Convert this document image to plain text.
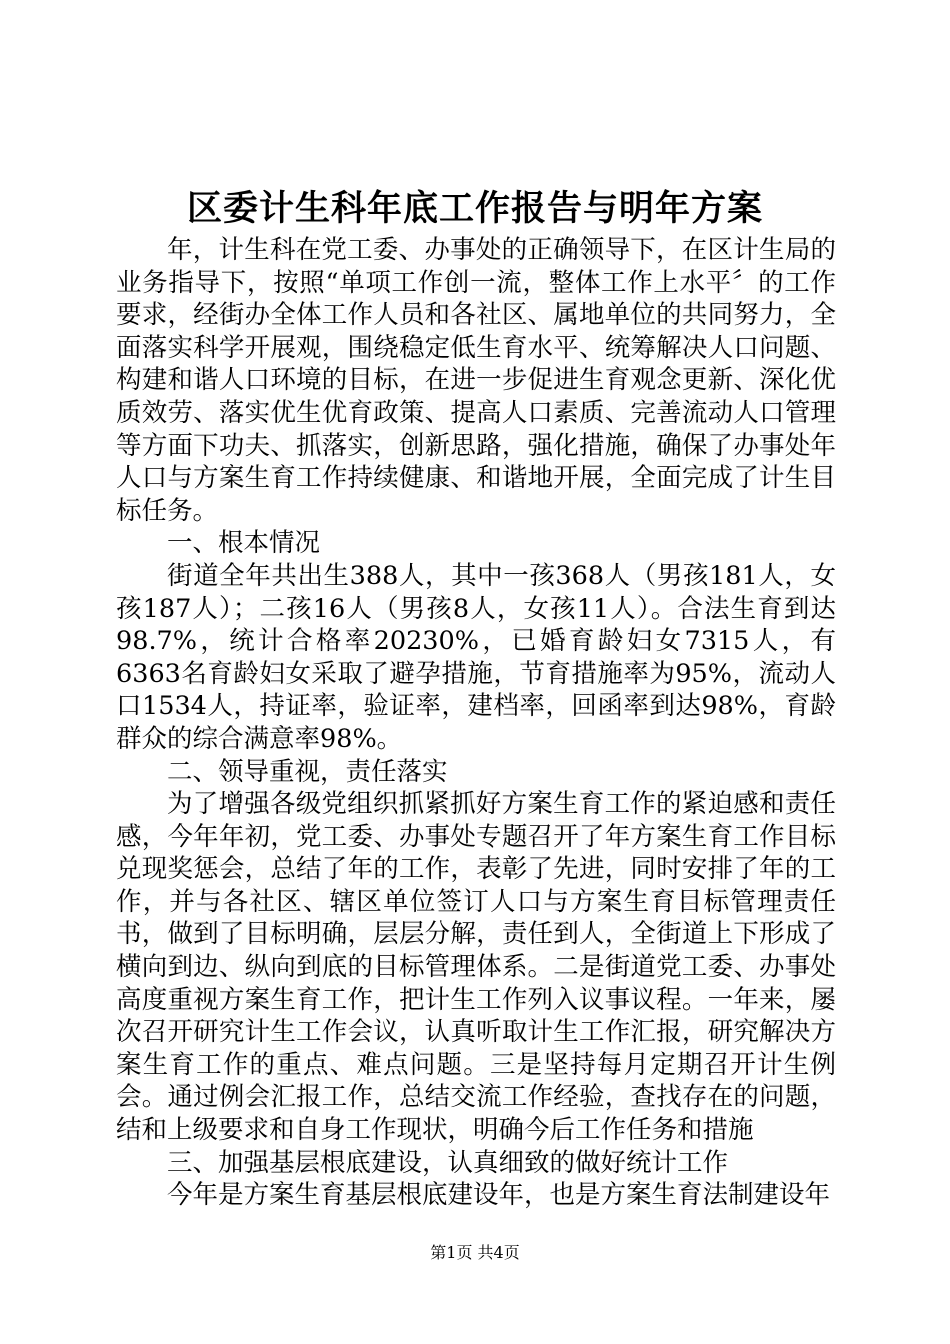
区委计生科年底工作报告与明年方案

年，计生科在党工委、办事处的正确领导下，在区计生局的业务指导下，按照“单项工作创一流，整体工作上水平〞的工作要求，经街办全体工作人员和各社区、属地单位的共同努力，全面落实科学开展观，围绕稳定低生育水平、统筹解决人口问题、构建和谐人口环境的目标，在进一步促进生育观念更新、深化优质效劳、落实优生优育政策、提高人口素质、完善流动人口管理等方面下功夫、抓落实，创新思路，强化措施，确保了办事处年人口与方案生育工作持续健康、和谐地开展，全面完成了计生目标任务。

一、根本情况

街道全年共出生388人，其中一孩368人（男孩181人，女孩187人）；二孩16人（男孩8人，女孩11人）。合法生育到达98.7%，统计合格率20230%，已婚育龄妇女7315人，有6363名育龄妇女采取了避孕措施，节育措施率为95%，流动人口1534人，持证率，验证率，建档率，回函率到达98%，育龄群众的综合满意率98%。

二、领导重视，责任落实

为了增强各级党组织抓紧抓好方案生育工作的紧迫感和责任感，今年年初，党工委、办事处专题召开了年方案生育工作目标兑现奖惩会，总结了年的工作，表彰了先进，同时安排了年的工作，并与各社区、辖区单位签订人口与方案生育目标管理责任书，做到了目标明确，层层分解，责任到人，全街道上下形成了横向到边、纵向到底的目标管理体系。二是街道党工委、办事处高度重视方案生育工作，把计生工作列入议事议程。一年来，屡次召开研究计生工作会议，认真听取计生工作汇报，研究解决方案生育工作的重点、难点问题。三是坚持每月定期召开计生例会。通过例会汇报工作，总结交流工作经验，查找存在的问题，结和上级要求和自身工作现状，明确今后工作任务和措施

三、加强基层根底建设，认真细致的做好统计工作

今年是方案生育基层根底建设年，也是方案生育法制建设年

第1页 共4页
